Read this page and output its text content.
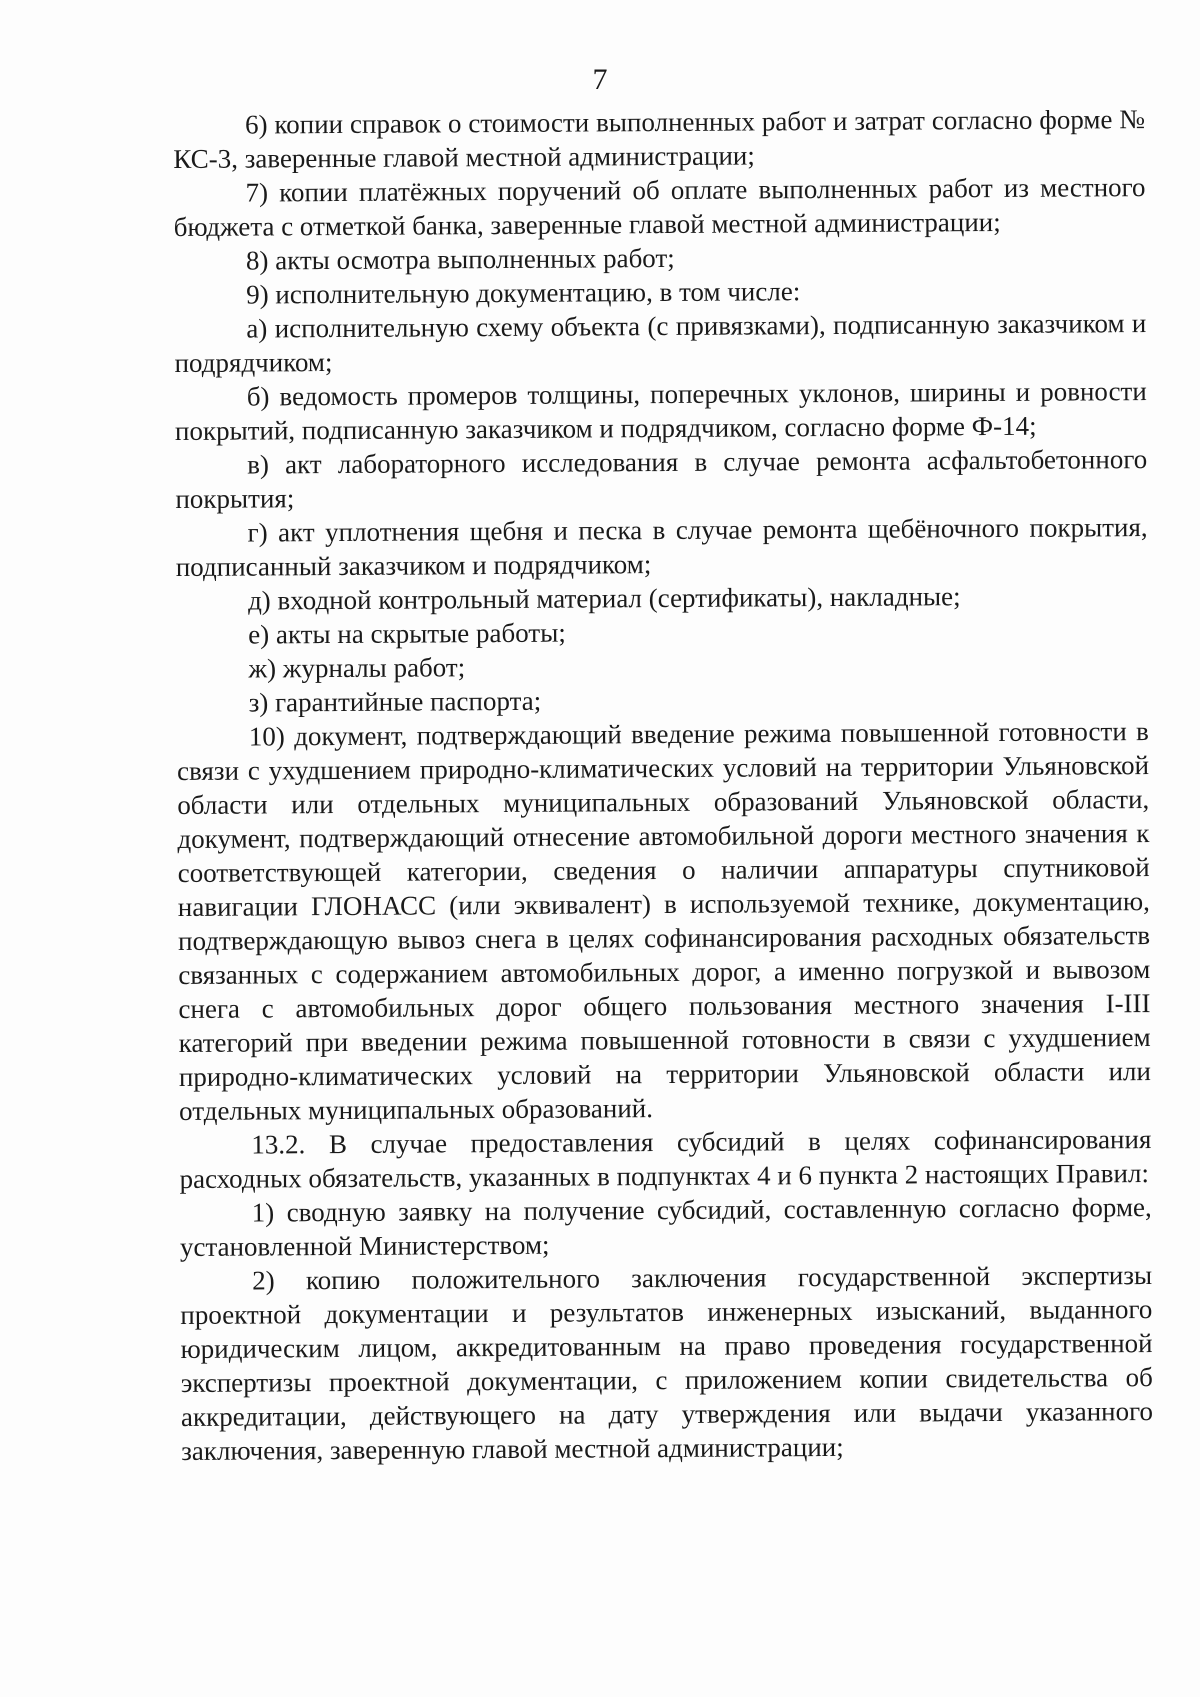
7

6) копии справок о стоимости выполненных работ и затрат согласно форме № КС-3, заверенные главой местной администрации;

7) копии платёжных поручений об оплате выполненных работ из местного бюджета с отметкой банка, заверенные главой местной администрации;

8) акты осмотра выполненных работ;

9) исполнительную документацию, в том числе:

а) исполнительную схему объекта (с привязками), подписанную заказчиком и подрядчиком;

б) ведомость промеров толщины, поперечных уклонов, ширины и ровности покрытий, подписанную заказчиком и подрядчиком, согласно форме Ф-14;

в) акт лабораторного исследования в случае ремонта асфальтобетонного покрытия;

г) акт уплотнения щебня и песка в случае ремонта щебёночного покрытия, подписанный заказчиком и подрядчиком;

д) входной контрольный материал (сертификаты), накладные;

е) акты на скрытые работы;

ж) журналы работ;

з) гарантийные паспорта;

10) документ, подтверждающий введение режима повышенной готовности в связи с ухудшением природно-климатических условий на территории Ульяновской области или отдельных муниципальных образований Ульяновской области, документ, подтверждающий отнесение автомобильной дороги местного значения к соответствующей категории, сведения о наличии аппаратуры спутниковой навигации ГЛОНАСС (или эквивалент) в используемой технике, документацию, подтверждающую вывоз снега в целях софинансирования расходных обязательств связанных с содержанием автомобильных дорог, а именно погрузкой и вывозом снега с автомобильных дорог общего пользования местного значения I-III категорий при введении режима повышенной готовности в связи с ухудшением природно-климатических условий на территории Ульяновской области или отдельных муниципальных образований.

13.2. В случае предоставления субсидий в целях софинансирования расходных обязательств, указанных в подпунктах 4 и 6 пункта 2 настоящих Правил:

1) сводную заявку на получение субсидий, составленную согласно форме, установленной Министерством;

2) копию положительного заключения государственной экспертизы проектной документации и результатов инженерных изысканий, выданного юридическим лицом, аккредитованным на право проведения государственной экспертизы проектной документации, с приложением копии свидетельства об аккредитации, действующего на дату утверждения или выдачи указанного заключения, заверенную главой местной администрации;
